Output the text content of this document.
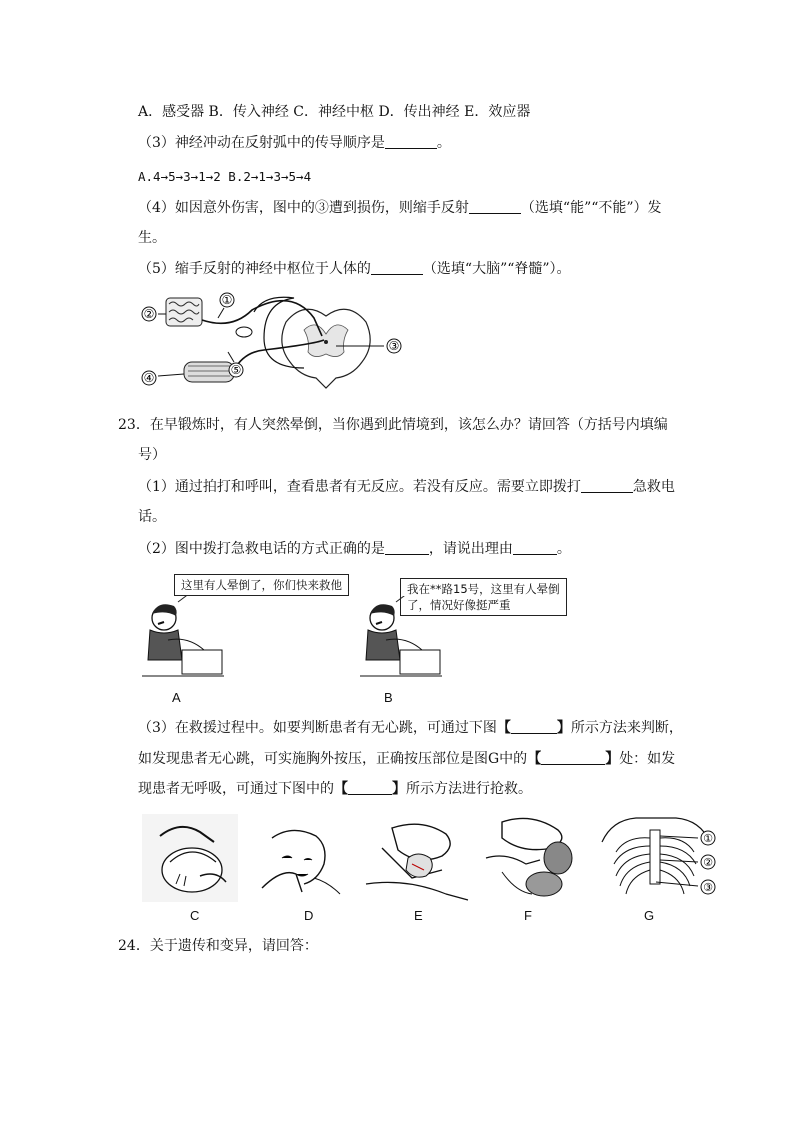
A．感受器 B．传入神经 C．神经中枢 D．传出神经 E．效应器
（3）神经冲动在反射弧中的传导顺序是	。
A.4→5→3→1→2 B.2→1→3→5→4
（4）如因意外伤害，图中的③遭到损伤，则缩手反射	（选填“能”“不能”）发
生。
（5）缩手反射的神经中枢位于人体的	（选填“大脑”“脊髓”）。
②
①
③
④
⑤
23．在早锻炼时，有人突然晕倒，当你遇到此情境到，该怎么办？请回答（方括号内填编
号）
（1）通过拍打和呼叫，查看患者有无反应。若没有反应。需要立即拨打	急救电
话。
（2）图中拨打急救电话的方式正确的是	，请说出理由	。
这里有人晕倒了，你们快来救他
A
我在**路15号，这里有人晕倒
了，情况好像挺严重
B
（3）在救援过程中。如要判断患者有无心跳，可通过下图【	】所示方法来判断，
如发现患者无心跳，可实施胸外按压，正确按压部位是图G中的【	】处：如发
现患者无呼吸，可通过下图中的【	】所示方法进行抢救。
C	D	E	F
①
②
③
G
24．关于遗传和变异，请回答：
